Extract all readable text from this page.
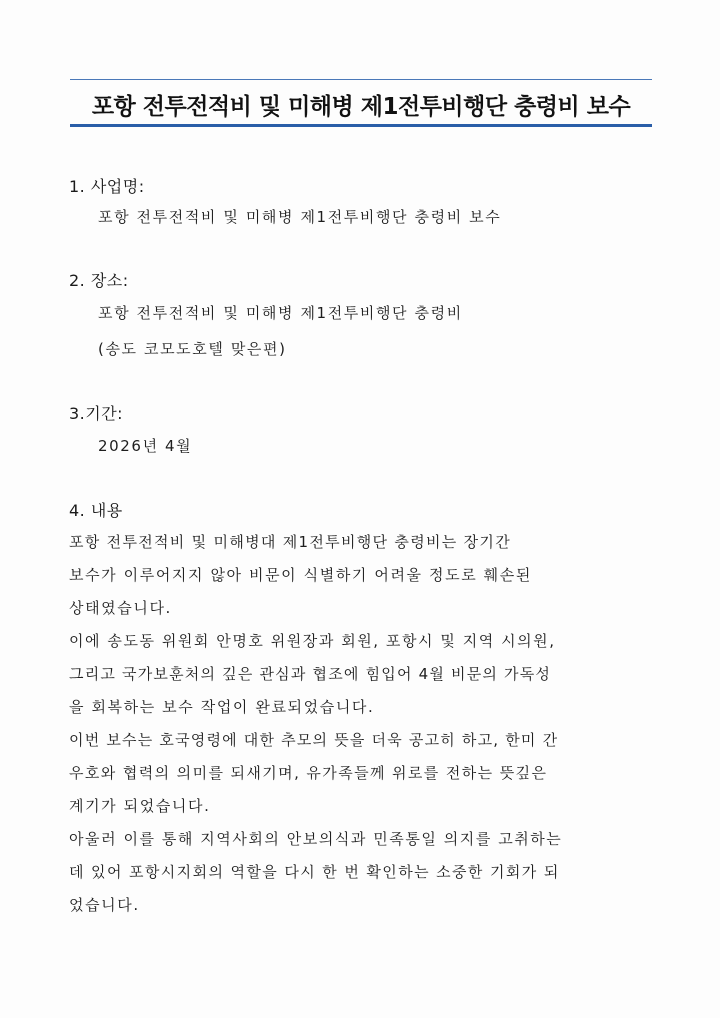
포항 전투전적비 및 미해병 제1전투비행단 충령비 보수
1. 사업명:
포항 전투전적비 및 미해병 제1전투비행단 충령비 보수
2. 장소:
포항 전투전적비 및 미해병 제1전투비행단 충령비
(송도 코모도호텔 맞은편)
3.기간:
2026년 4월
4. 내용
포항 전투전적비 및 미해병대 제1전투비행단 충령비는 장기간
보수가 이루어지지 않아 비문이 식별하기 어려울 정도로 훼손된
상태였습니다.
이에 송도동 위원회 안명호 위원장과 회원, 포항시 및 지역 시의원,
그리고 국가보훈처의 깊은 관심과 협조에 힘입어 4월 비문의 가독성
을 회복하는 보수 작업이 완료되었습니다.
이번 보수는 호국영령에 대한 추모의 뜻을 더욱 공고히 하고, 한미 간
우호와 협력의 의미를 되새기며, 유가족들께 위로를 전하는 뜻깊은
계기가 되었습니다.
아울러 이를 통해 지역사회의 안보의식과 민족통일 의지를 고취하는
데 있어 포항시지회의 역할을 다시 한 번 확인하는 소중한 기회가 되
었습니다.
